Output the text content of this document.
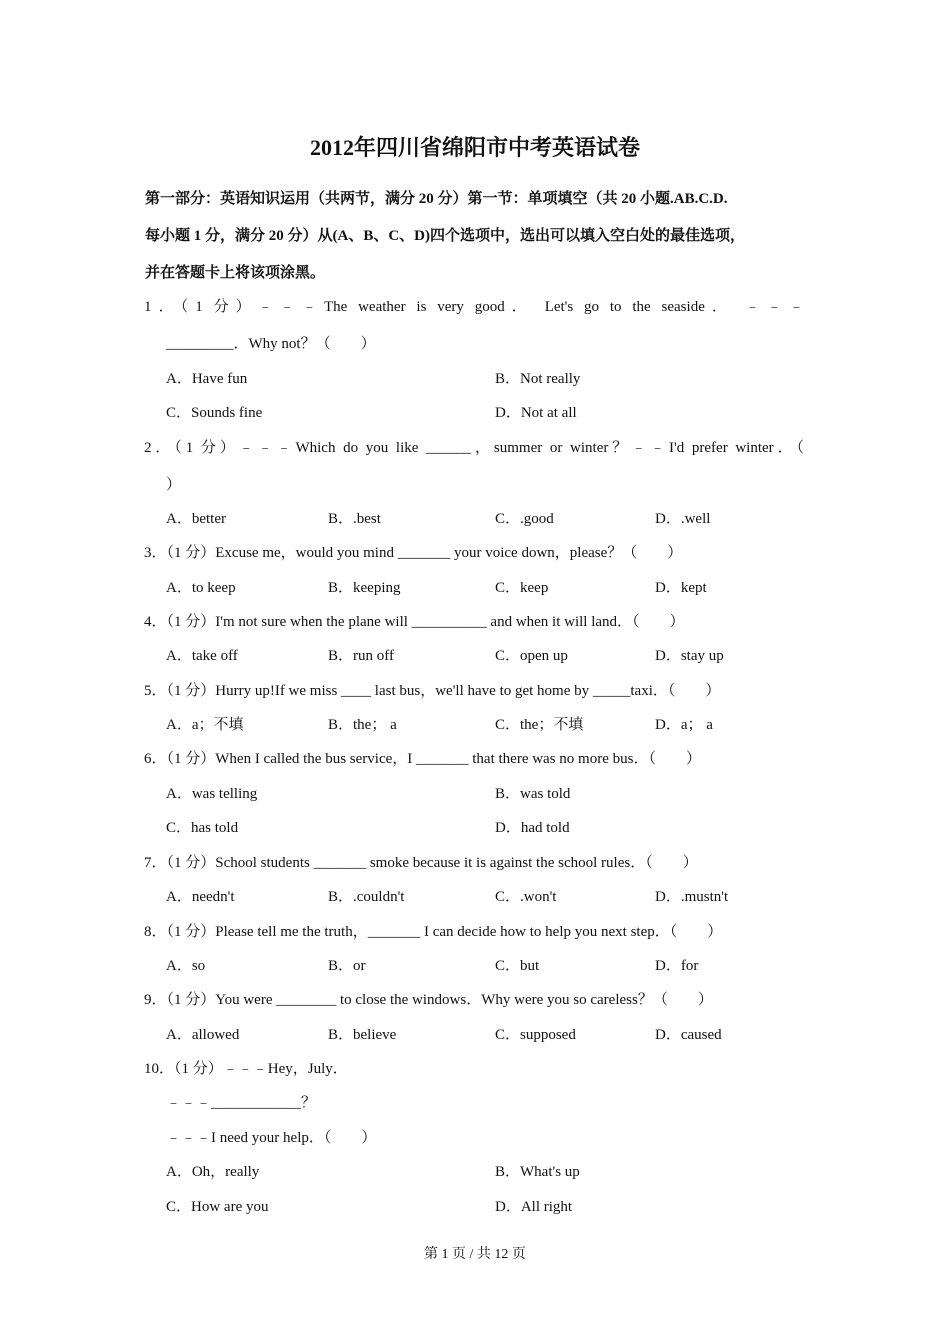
2012年四川省绵阳市中考英语试卷
第一部分：英语知识运用（共两节，满分 20 分）第一节：单项填空（共 20 小题.AB.C.D.
每小题 1 分，满分 20 分）从(A、B、C、D)四个选项中，选出可以填入空白处的最佳选项，
并在答题卡上将该项涂黑。
1．（1 分）﹣﹣﹣The weather is very good． Let's go to the seaside． ﹣﹣﹣
_________．Why not？（　　）
A．Have fun	B．Not really
C．Sounds fine	D．Not at all
2．（1 分）﹣﹣﹣Which do you like ______，summer or winter？﹣﹣I'd prefer winter．（
）
A．better	B．.best	C．.good	D．.well
3．（1 分）Excuse me，would you mind _______ your voice down，please？（　　）
A．to keep	B．keeping	C．keep	D．kept
4．（1 分）I'm not sure when the plane will __________ and when it will land．（　　）
A．take off	B．run off	C．open up	D．stay up
5．（1 分）Hurry up!If we miss ____ last bus，we'll have to get home by _____taxi．（　　）
A．a；不填	B．the； a	C．the；不填	D．a； a
6．（1 分）When I called the bus service，I _______ that there was no more bus．（　　）
A．was telling	B．was told
C．has told	D．had told
7．（1 分）School students _______ smoke because it is against the school rules．（　　）
A．needn't	B．.couldn't	C．.won't	D．.mustn't
8．（1 分）Please tell me the truth，_______ I can decide how to help you next step．（　　）
A．so	B．or	C．but	D．for
9．（1 分）You were ________ to close the windows．Why were you so careless？（　　）
A．allowed	B．believe	C．supposed	D．caused
10．（1 分）﹣﹣﹣Hey，July．
﹣﹣﹣____________？
﹣﹣﹣I need your help．（　　）
A．Oh，really	B．What's up
C．How are you	D．All right
第 1 页 / 共 12 页
